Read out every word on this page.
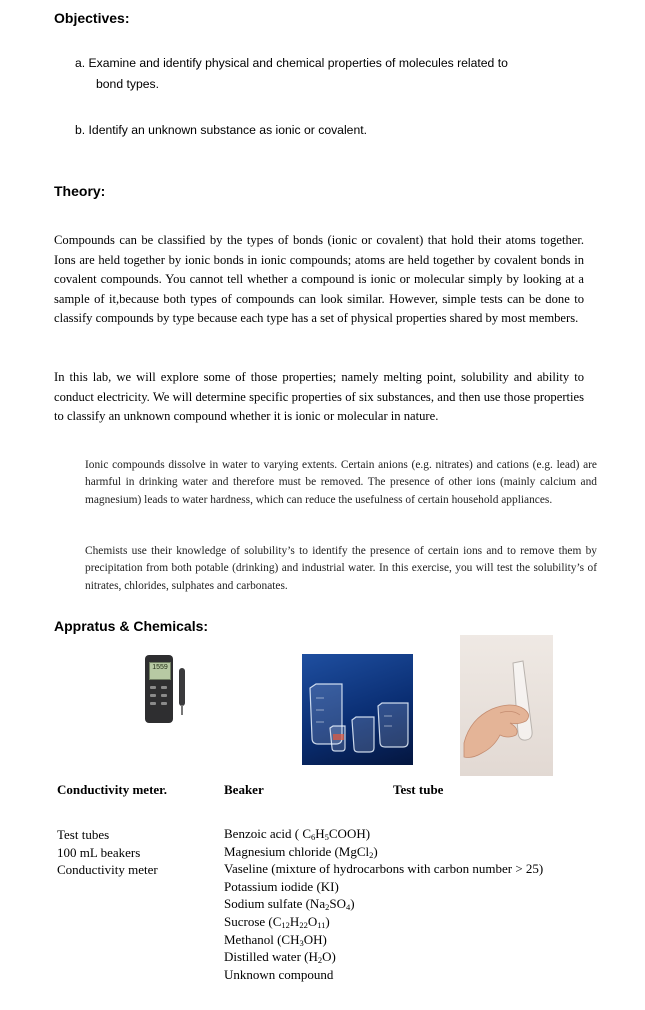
Objectives:
a. Examine and identify physical and chemical properties of molecules related to
bond types.
b. Identify an unknown substance as ionic or covalent.
Theory:
Compounds can be classified by the types of bonds (ionic or covalent) that hold their atoms together. Ions are held together by ionic bonds in ionic compounds; atoms are held together by covalent bonds in covalent compounds. You cannot tell whether a compound is ionic or molecular simply by looking at a sample of it,because both types of compounds can look similar. However, simple tests can be done to classify compounds by type because each type has a set of physical properties shared by most members.
In this lab, we will explore some of those properties; namely melting point, solubility and ability to conduct electricity. We will determine specific properties of six substances, and then use those properties to classify an unknown compound whether it is ionic or molecular in nature.
Ionic compounds dissolve in water to varying extents. Certain anions (e.g. nitrates) and cations (e.g. lead) are harmful in drinking water and therefore must be removed. The presence of other ions (mainly calcium and magnesium) leads to water hardness, which can reduce the usefulness of certain household appliances.
Chemists use their knowledge of solubility’s to identify the presence of certain ions and to remove them by precipitation from both potable (drinking) and industrial water. In this exercise, you will test the solubility’s of nitrates, chlorides, sulphates and carbonates.
Appratus & Chemicals:
1559
Conductivity meter.	Beaker	Test tube
Test tubes
100 mL beakers
Conductivity meter
Benzoic acid ( $C_6H_5COOH$)
Magnesium chloride (MgCl$_2$)
Vaseline (mixture of hydrocarbons with carbon number > 25)
Potassium iodide (KI)
Sodium sulfate $(Na_2SO_4)$
Sucrose $(C_{12}H_{22}O_{11})$
Methanol $(CH_3OH)$
Distilled water $(H_2O)$
Unknown compound
